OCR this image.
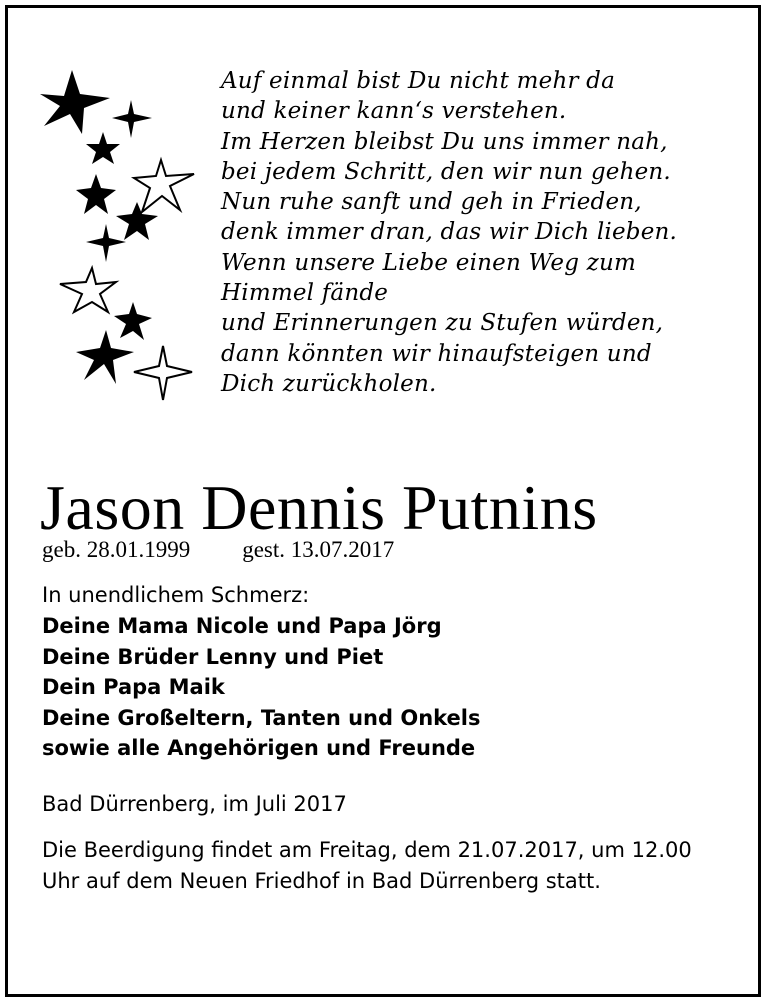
Auf einmal bist Du nicht mehr da
und keiner kann‘s verstehen.
Im Herzen bleibst Du uns immer nah,
bei jedem Schritt, den wir nun gehen.
Nun ruhe sanft und geh in Frieden,
denk immer dran, das wir Dich lieben.
Wenn unsere Liebe einen Weg zum
Himmel fände
und Erinnerungen zu Stufen würden,
dann könnten wir hinaufsteigen und
Dich zurückholen.
Jason Dennis Putnins
geb. 28.01.1999 gest. 13.07.2017
In unendlichem Schmerz:
Deine Mama Nicole und Papa Jörg
Deine Brüder Lenny und Piet
Dein Papa Maik
Deine Großeltern, Tanten und Onkels
sowie alle Angehörigen und Freunde
Bad Dürrenberg, im Juli 2017
Die Beerdigung findet am Freitag, dem 21.07.2017, um 12.00 Uhr auf dem Neuen Friedhof in Bad Dürrenberg statt.
